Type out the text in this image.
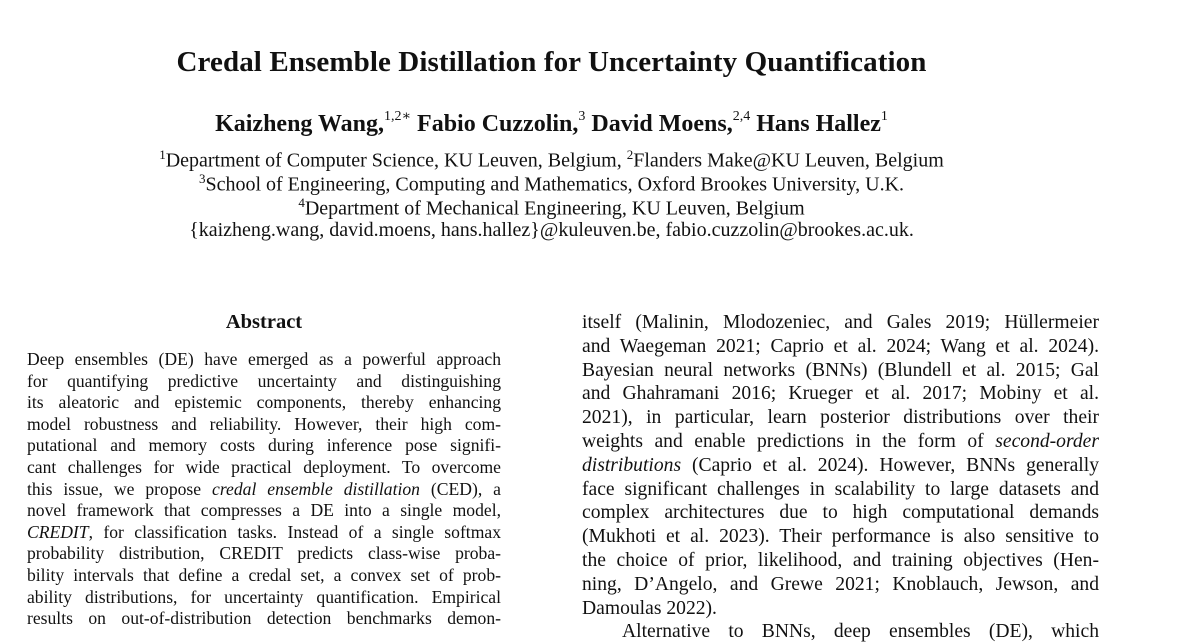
Credal Ensemble Distillation for Uncertainty Quantification
Kaizheng Wang,$^{1,2∗}$ Fabio Cuzzolin,$^3$ David Moens,$^{2,4}$ Hans Hallez$^1$
$^1$Department of Computer Science, KU Leuven, Belgium, $^2$Flanders Make@KU Leuven, Belgium
$^3$School of Engineering, Computing and Mathematics, Oxford Brookes University, U.K.
$^4$Department of Mechanical Engineering, KU Leuven, Belgium
{kaizheng.wang, david.moens, hans.hallez}@kuleuven.be, fabio.cuzzolin@brookes.ac.uk.
Abstract
Deep ensembles (DE) have emerged as a powerful approach
for quantifying predictive uncertainty and distinguishing
its aleatoric and epistemic components, thereby enhancing
model robustness and reliability. However, their high com-
putational and memory costs during inference pose signifi-
cant challenges for wide practical deployment. To overcome
this issue, we propose credal ensemble distillation (CED), a
novel framework that compresses a DE into a single model,
CREDIT, for classification tasks. Instead of a single softmax
probability distribution, CREDIT predicts class-wise proba-
bility intervals that define a credal set, a convex set of prob-
ability distributions, for uncertainty quantification. Empirical
results on out-of-distribution detection benchmarks demon-
itself (Malinin, Mlodozeniec, and Gales 2019; Hüllermeier
and Waegeman 2021; Caprio et al. 2024; Wang et al. 2024).
Bayesian neural networks (BNNs) (Blundell et al. 2015; Gal
and Ghahramani 2016; Krueger et al. 2017; Mobiny et al.
2021), in particular, learn posterior distributions over their
weights and enable predictions in the form of second-order
distributions (Caprio et al. 2024). However, BNNs generally
face significant challenges in scalability to large datasets and
complex architectures due to high computational demands
(Mukhoti et al. 2023). Their performance is also sensitive to
the choice of prior, likelihood, and training objectives (Hen-
ning, D’Angelo, and Grewe 2021; Knoblauch, Jewson, and
Damoulas 2022).
Alternative to BNNs, deep ensembles (DE), which
